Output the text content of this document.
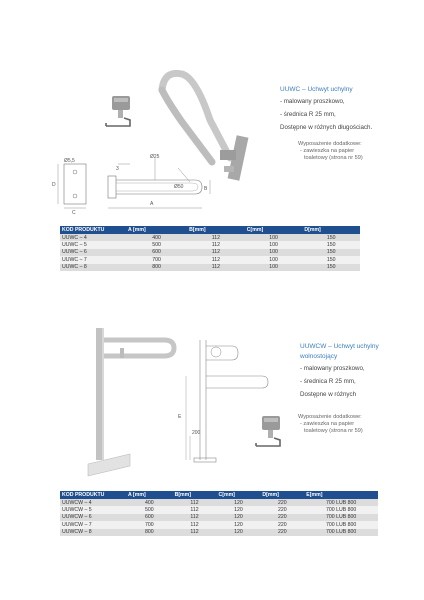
UUWC – Uchwyt uchylny
- malowany proszkowo,
- średnica R 25 mm,
Dostępne w różnych długościach.
Wyposażenie dodatkowe:
- zawieszka na papier
toaletowy (strona nr 59)
Ø5,5
D
C
3
Ø25
Ø50	B
A
KOD PRODUKTU	A [mm]	B[mm]	C[mm]	D[mm]
UUWC – 4	400	112	100	150
UUWC – 5	500	112	100	150
UUWC – 6	600	112	100	150
UUWC – 7	700	112	100	150
UUWC – 8	800	112	100	150
E
200
UUWCW – Uchwyt uchylny
wolnostojący
- malowany proszkowo,
- średnica R 25 mm,
Dostępne w różnych
Wyposażenie dodatkowe:
- zawieszka na papier
toaletowy (strona nr 59)
KOD PRODUKTU	A [mm]	B[mm]	C[mm]	D[mm]	E[mm]
UUWCW – 4	400	112	120	220	700 LUB 800
UUWCW – 5	500	112	120	220	700 LUB 800
UUWCW – 6	600	112	120	220	700 LUB 800
UUWCW – 7	700	112	120	220	700 LUB 800
UUWCW – 8	800	112	120	220	700 LUB 800
